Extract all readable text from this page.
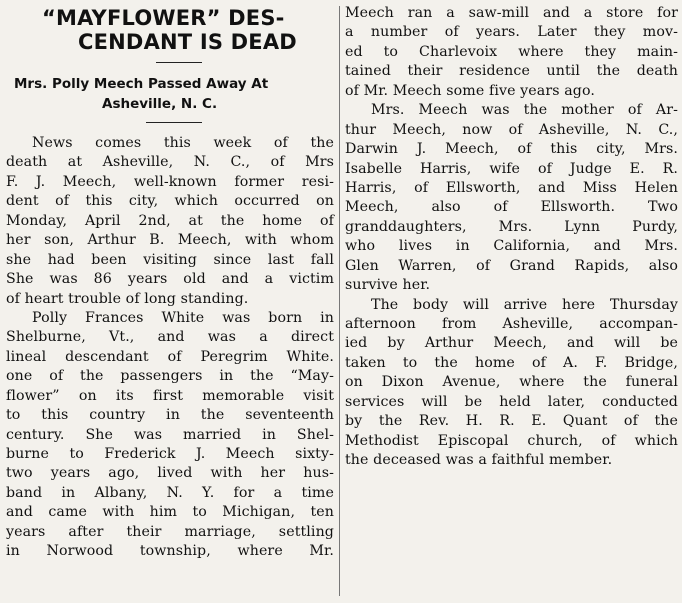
“MAYFLOWER” DES-
CENDANT IS DEAD
Mrs. Polly Meech Passed Away At
Asheville, N. C.
News comes this week of the
death at Asheville, N. C., of Mrs
F. J. Meech, well-known former resi-
dent of this city, which occurred on
Monday, April 2nd, at the home of
her son, Arthur B. Meech, with whom
she had been visiting since last fall
She was 86 years old and a victim
of heart trouble of long standing.
Polly Frances White was born in
Shelburne, Vt., and was a direct
lineal descendant of Peregrim White.
one of the passengers in the “May-
flower” on its first memorable visit
to this country in the seventeenth
century. She was married in Shel-
burne to Frederick J. Meech sixty-
two years ago, lived with her hus-
band in Albany, N. Y. for a time
and came with him to Michigan, ten
years after their marriage, settling
in Norwood township, where Mr.
Meech ran a saw-mill and a store for
a number of years. Later they mov-
ed to Charlevoix where they main-
tained their residence until the death
of Mr. Meech some five years ago.
Mrs. Meech was the mother of Ar-
thur Meech, now of Asheville, N. C.,
Darwin J. Meech, of this city, Mrs.
Isabelle Harris, wife of Judge E. R.
Harris, of Ellsworth, and Miss Helen
Meech, also of Ellsworth. Two
granddaughters, Mrs. Lynn Purdy,
who lives in California, and Mrs.
Glen Warren, of Grand Rapids, also
survive her.
The body will arrive here Thursday
afternoon from Asheville, accompan-
ied by Arthur Meech, and will be
taken to the home of A. F. Bridge,
on Dixon Avenue, where the funeral
services will be held later, conducted
by the Rev. H. R. E. Quant of the
Methodist Episcopal church, of which
the deceased was a faithful member.
